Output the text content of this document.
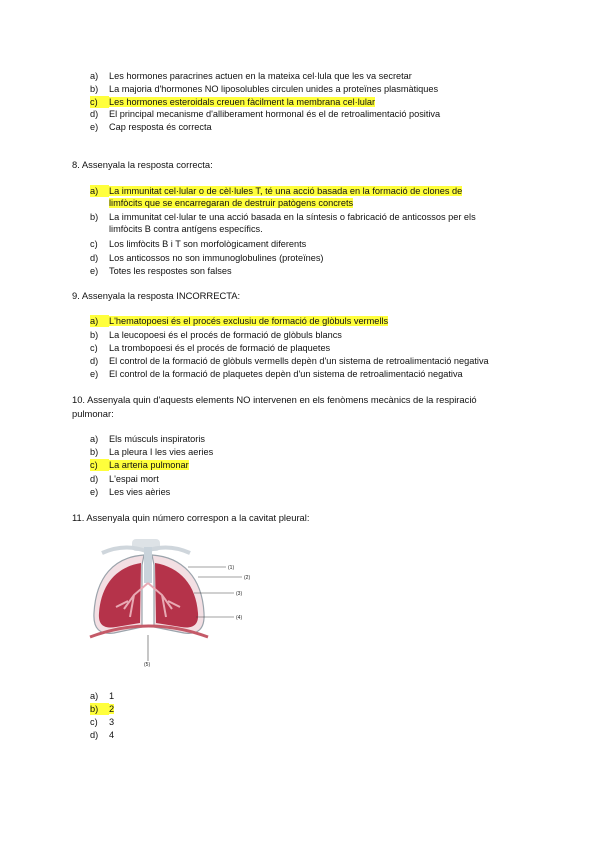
a) Les hormones paracrines actuen en la mateixa cel·lula que les va secretar
b) La majoria d'hormones NO liposolubles circulen unides a proteïnes plasmàtiques
c) Les hormones esteroidals creuen fàcilment la membrana cel·lular
d) El principal mecanisme d'alliberament hormonal és el de retroalimentació positiva
e) Cap resposta és correcta
8. Assenyala la resposta correcta:
a) La immunitat cel·lular o de cèl·lules T, té una acció basada en la formació de clones de
limfòcits que se encarregaran de destruir patògens concrets
b) La immunitat cel·lular te una acció basada en la síntesis o fabricació de anticossos per els
limfòcits B contra antígens específics.
c) Los limfòcits B i T son morfològicament diferents
d) Los anticossos no son immunoglobulines (proteïnes)
e) Totes les respostes son falses
9. Assenyala la resposta INCORRECTA:
a) L'hematopoesi és el procés exclusiu de formació de glòbuls vermells
b) La leucopoesi és el procés de formació de glòbuls blancs
c) La trombopoesi és el procés de formació de plaquetes
d) El control de la formació de glòbuls vermells depèn d'un sistema de retroalimentació negativa
e) El control de la formació de plaquetes depèn d'un sistema de retroalimentació negativa
10. Assenyala quin d'aquests elements NO intervenen en els fenòmens mecànics de la respiració
pulmonar:
a) Els músculs inspiratoris
b) La pleura I les vies aeries
c) La arteria pulmonar
d) L'espai mort
e) Les vies aèries
11. Assenyala quin número correspon a la cavitat pleural:
(1)
(2)
(3)
(4)
(5)
a) 1
b) 2
c) 3
d) 4
